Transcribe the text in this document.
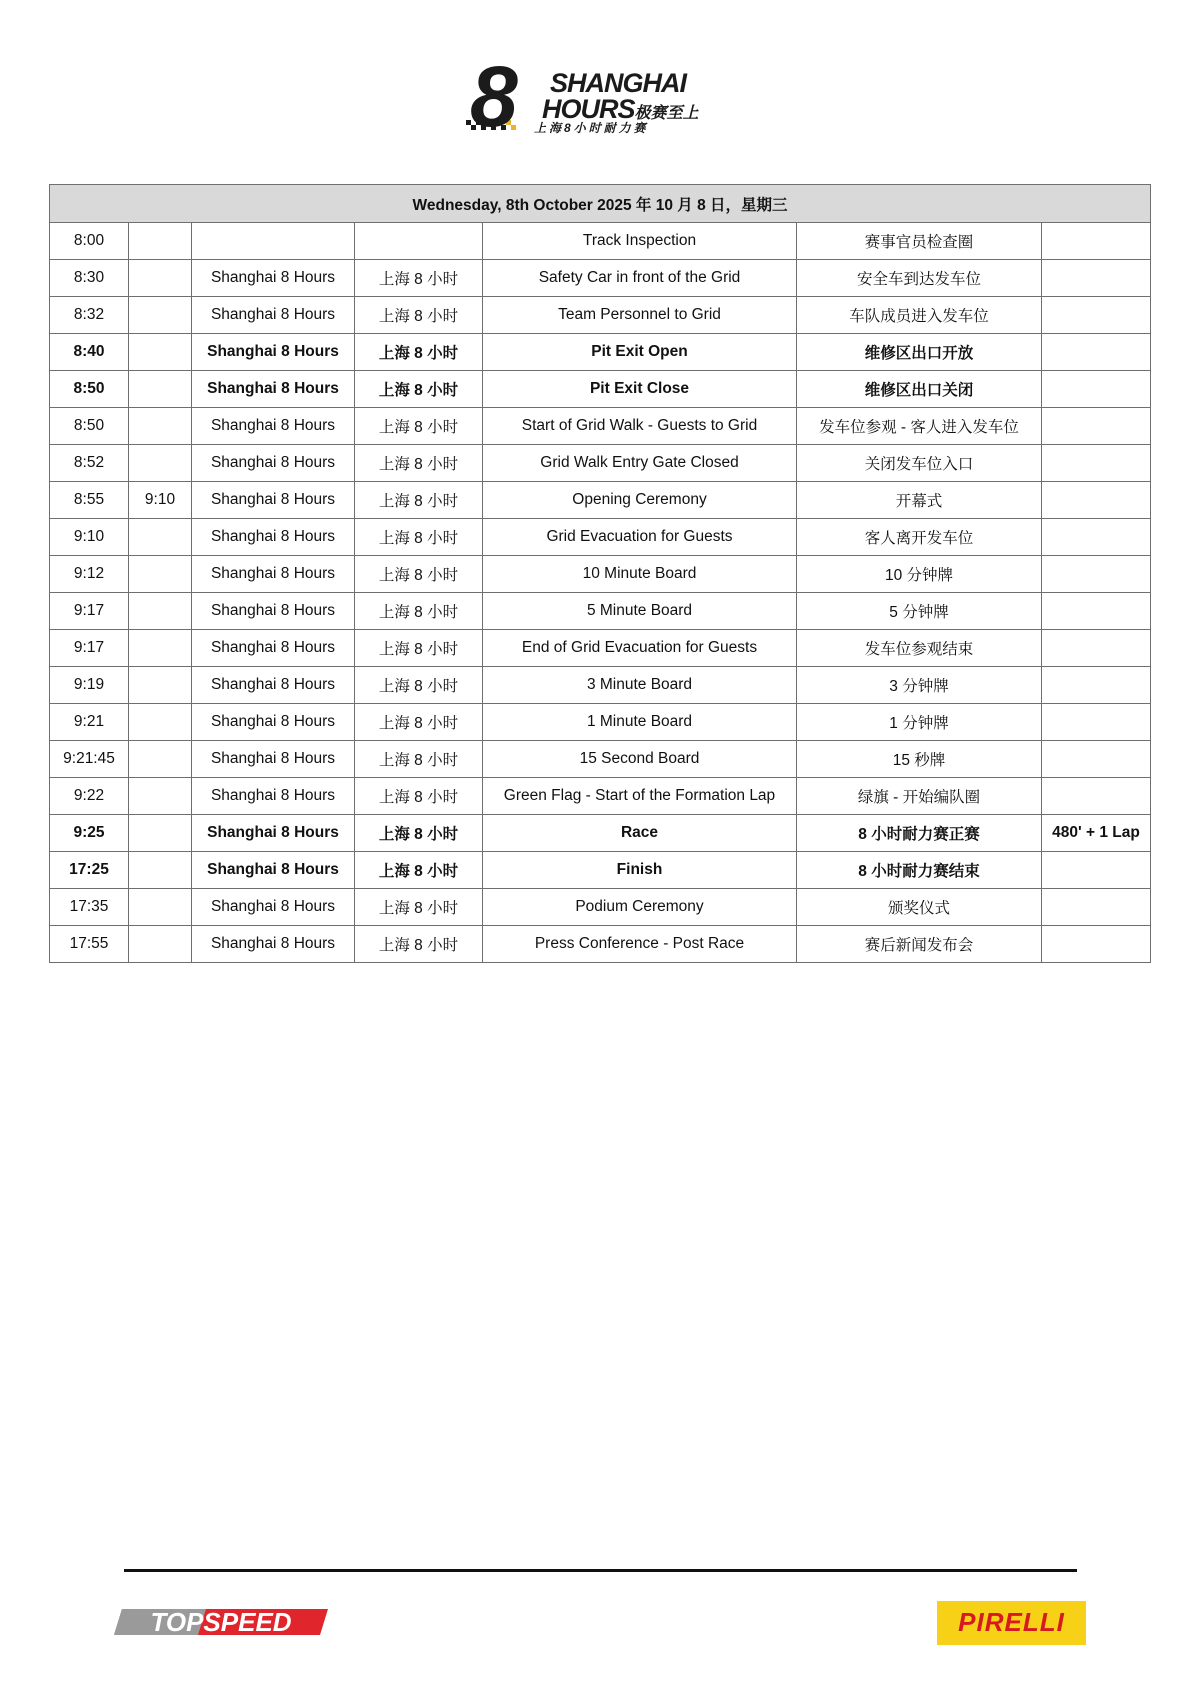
8 SHANGHAI
HOURS极赛至上
上海8小时耐力赛
Wednesday, 8th October 2025 年 10 月 8 日，星期三						
8:00				Track Inspection	赛事官员检查圈	
8:30		Shanghai 8 Hours	上海 8 小时	Safety Car in front of the Grid	安全车到达发车位	
8:32		Shanghai 8 Hours	上海 8 小时	Team Personnel to Grid	车队成员进入发车位	
8:40		Shanghai 8 Hours	上海 8 小时	Pit Exit Open	维修区出口开放	
8:50		Shanghai 8 Hours	上海 8 小时	Pit Exit Close	维修区出口关闭	
8:50		Shanghai 8 Hours	上海 8 小时	Start of Grid Walk - Guests to Grid	发车位参观 - 客人进入发车位	
8:52		Shanghai 8 Hours	上海 8 小时	Grid Walk Entry Gate Closed	关闭发车位入口	
8:55	9:10	Shanghai 8 Hours	上海 8 小时	Opening Ceremony	开幕式	
9:10		Shanghai 8 Hours	上海 8 小时	Grid Evacuation for Guests	客人离开发车位	
9:12		Shanghai 8 Hours	上海 8 小时	10 Minute Board	10 分钟牌	
9:17		Shanghai 8 Hours	上海 8 小时	5 Minute Board	5 分钟牌	
9:17		Shanghai 8 Hours	上海 8 小时	End of Grid Evacuation for Guests	发车位参观结束	
9:19		Shanghai 8 Hours	上海 8 小时	3 Minute Board	3 分钟牌	
9:21		Shanghai 8 Hours	上海 8 小时	1 Minute Board	1 分钟牌	
9:21:45		Shanghai 8 Hours	上海 8 小时	15 Second Board	15 秒牌	
9:22		Shanghai 8 Hours	上海 8 小时	Green Flag - Start of the Formation Lap	绿旗 - 开始编队圈	
9:25		Shanghai 8 Hours	上海 8 小时	Race	8 小时耐力赛正赛	480' + 1 Lap
17:25		Shanghai 8 Hours	上海 8 小时	Finish	8 小时耐力赛结束	
17:35		Shanghai 8 Hours	上海 8 小时	Podium Ceremony	颁奖仪式	
17:55		Shanghai 8 Hours	上海 8 小时	Press Conference - Post Race	赛后新闻发布会	
TOPSPEED	PIRELLI
